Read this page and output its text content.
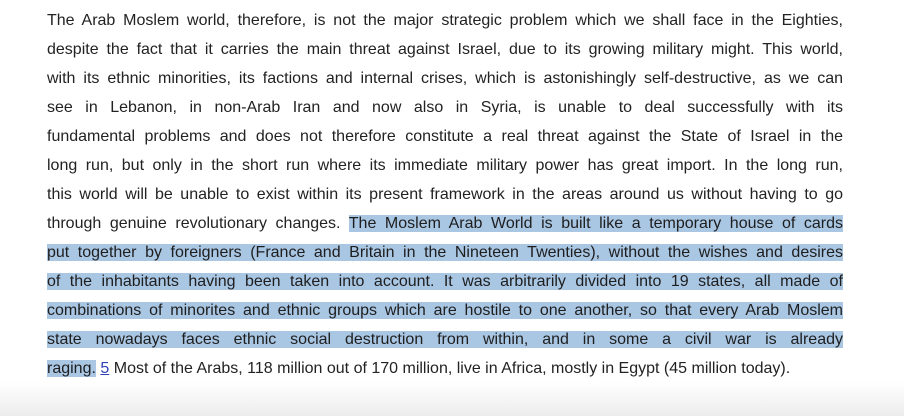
The Arab Moslem world, therefore, is not the major strategic problem which we shall face in the Eighties,
despite the fact that it carries the main threat against Israel, due to its growing military might. This world,
with its ethnic minorities, its factions and internal crises, which is astonishingly self-destructive, as we can
see in Lebanon, in non-Arab Iran and now also in Syria, is unable to deal successfully with its
fundamental problems and does not therefore constitute a real threat against the State of Israel in the
long run, but only in the short run where its immediate military power has great import. In the long run,
this world will be unable to exist within its present framework in the areas around us without having to go
through genuine revolutionary changes. The Moslem Arab World is built like a temporary house of cards
put together by foreigners (France and Britain in the Nineteen Twenties), without the wishes and desires
of the inhabitants having been taken into account. It was arbitrarily divided into 19 states, all made of
combinations of minorites and ethnic groups which are hostile to one another, so that every Arab Moslem
state nowadays faces ethnic social destruction from within, and in some a civil war is already
raging. 5 Most of the Arabs, 118 million out of 170 million, live in Africa, mostly in Egypt (45 million today).
